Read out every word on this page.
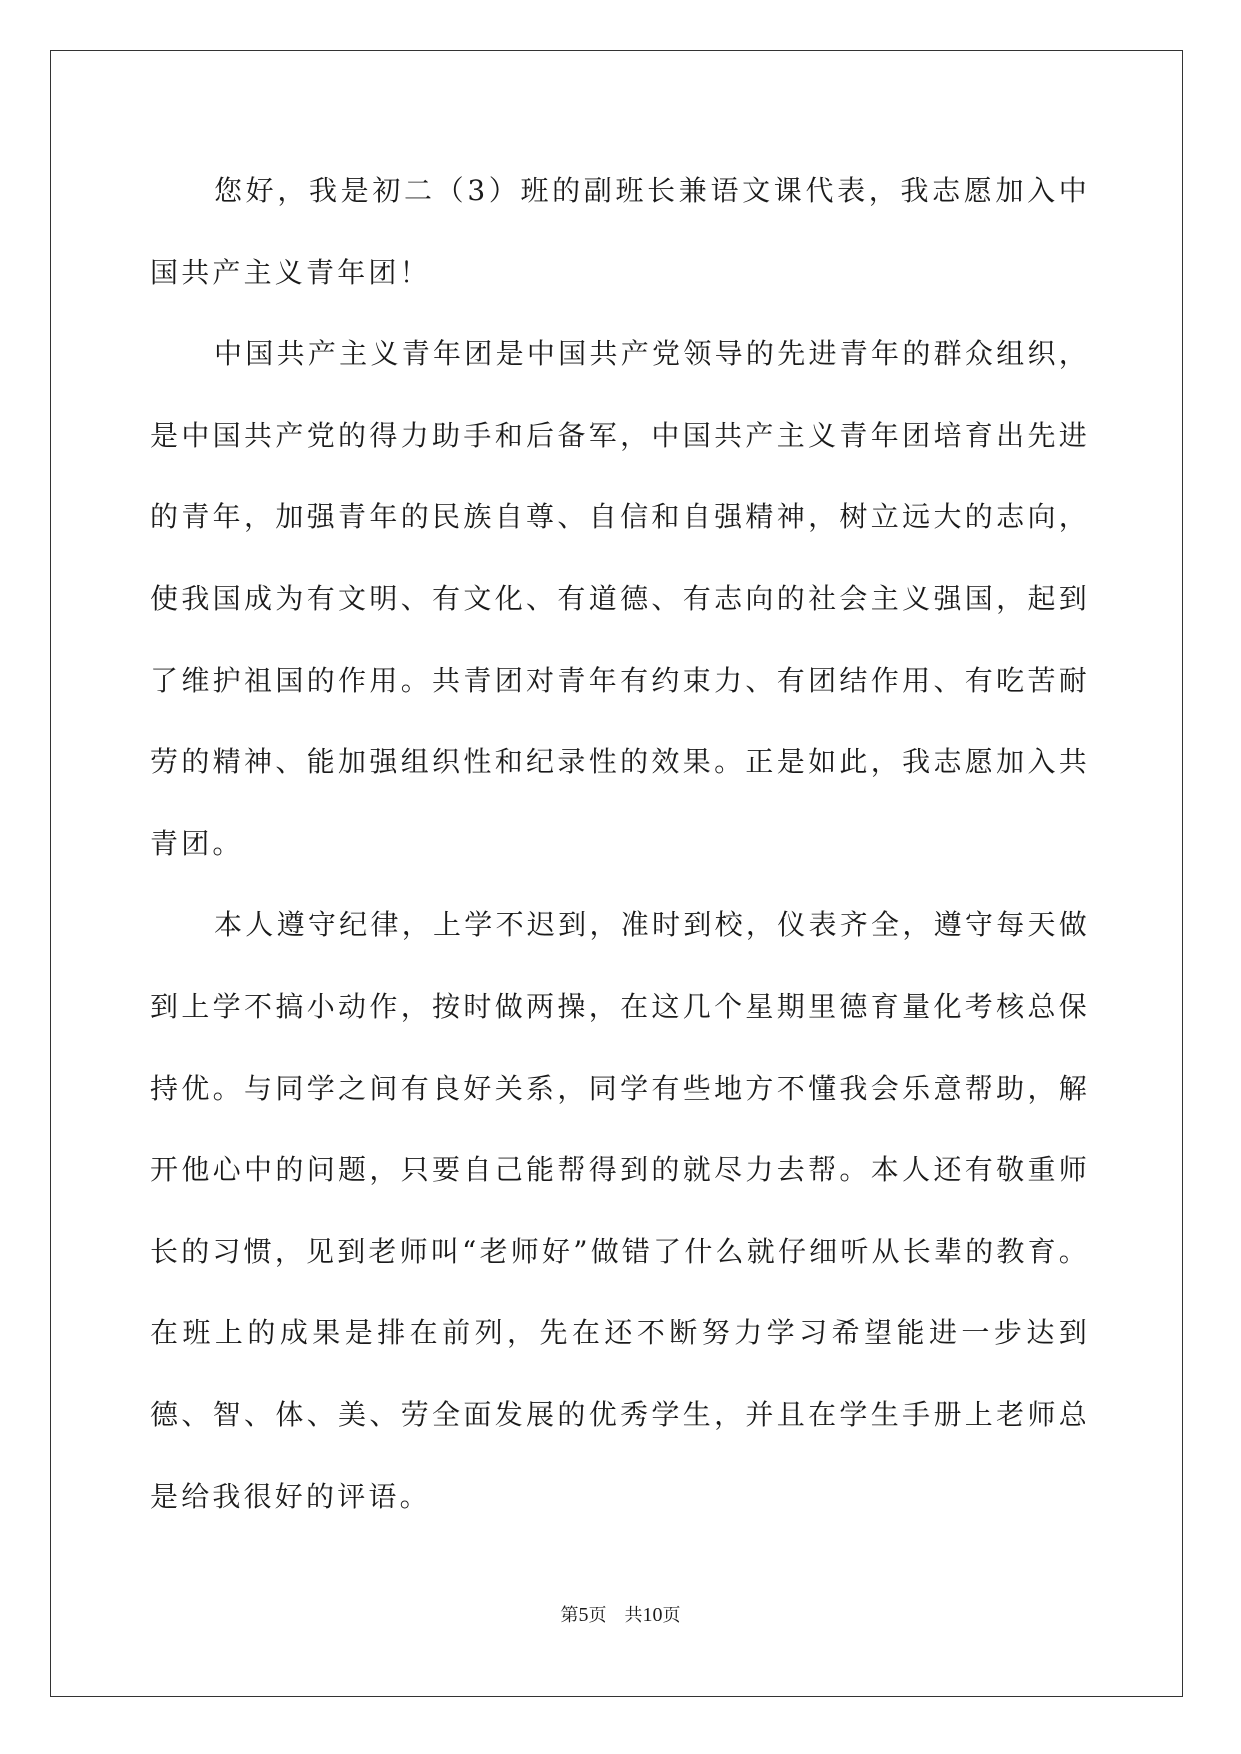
您好，我是初二（3）班的副班长兼语文课代表，我志愿加入中国共产主义青年团！

中国共产主义青年团是中国共产党领导的先进青年的群众组织，是中国共产党的得力助手和后备军，中国共产主义青年团培育出先进的青年，加强青年的民族自尊、自信和自强精神，树立远大的志向，使我国成为有文明、有文化、有道德、有志向的社会主义强国，起到了维护祖国的作用。共青团对青年有约束力、有团结作用、有吃苦耐劳的精神、能加强组织性和纪录性的效果。正是如此，我志愿加入共青团。

本人遵守纪律，上学不迟到，准时到校，仪表齐全，遵守每天做到上学不搞小动作，按时做两操，在这几个星期里德育量化考核总保持优。与同学之间有良好关系，同学有些地方不懂我会乐意帮助，解开他心中的问题，只要自己能帮得到的就尽力去帮。本人还有敬重师长的习惯，见到老师叫“老师好”做错了什么就仔细听从长辈的教育。在班上的成果是排在前列，先在还不断努力学习希望能进一步达到德、智、体、美、劳全面发展的优秀学生，并且在学生手册上老师总是给我很好的评语。

第5页 共10页
